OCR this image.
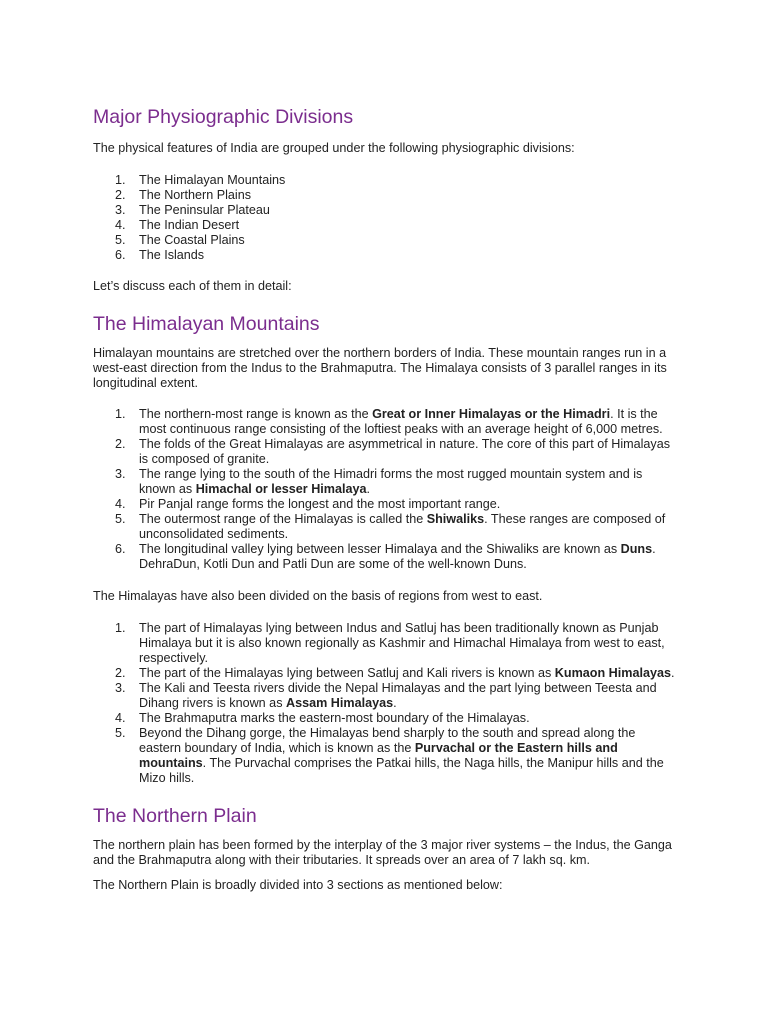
Major Physiographic Divisions

The physical features of India are grouped under the following physiographic divisions:

1. The Himalayan Mountains
2. The Northern Plains
3. The Peninsular Plateau
4. The Indian Desert
5. The Coastal Plains
6. The Islands

Let’s discuss each of them in detail:

The Himalayan Mountains

Himalayan mountains are stretched over the northern borders of India. These mountain ranges run in a west-east direction from the Indus to the Brahmaputra. The Himalaya consists of 3 parallel ranges in its longitudinal extent.

1. The northern-most range is known as the Great or Inner Himalayas or the Himadri. It is the most continuous range consisting of the loftiest peaks with an average height of 6,000 metres.
2. The folds of the Great Himalayas are asymmetrical in nature. The core of this part of Himalayas is composed of granite.
3. The range lying to the south of the Himadri forms the most rugged mountain system and is known as Himachal or lesser Himalaya.
4. Pir Panjal range forms the longest and the most important range.
5. The outermost range of the Himalayas is called the Shiwaliks. These ranges are composed of unconsolidated sediments.
6. The longitudinal valley lying between lesser Himalaya and the Shiwaliks are known as Duns. DehraDun, Kotli Dun and Patli Dun are some of the well-known Duns.

The Himalayas have also been divided on the basis of regions from west to east.

1. The part of Himalayas lying between Indus and Satluj has been traditionally known as Punjab Himalaya but it is also known regionally as Kashmir and Himachal Himalaya from west to east, respectively.
2. The part of the Himalayas lying between Satluj and Kali rivers is known as Kumaon Himalayas.
3. The Kali and Teesta rivers divide the Nepal Himalayas and the part lying between Teesta and Dihang rivers is known as Assam Himalayas.
4. The Brahmaputra marks the eastern-most boundary of the Himalayas.
5. Beyond the Dihang gorge, the Himalayas bend sharply to the south and spread along the eastern boundary of India, which is known as the Purvachal or the Eastern hills and mountains. The Purvachal comprises the Patkai hills, the Naga hills, the Manipur hills and the Mizo hills.
The Northern Plain

The northern plain has been formed by the interplay of the 3 major river systems – the Indus, the Ganga and the Brahmaputra along with their tributaries. It spreads over an area of 7 lakh sq. km.

The Northern Plain is broadly divided into 3 sections as mentioned below:
